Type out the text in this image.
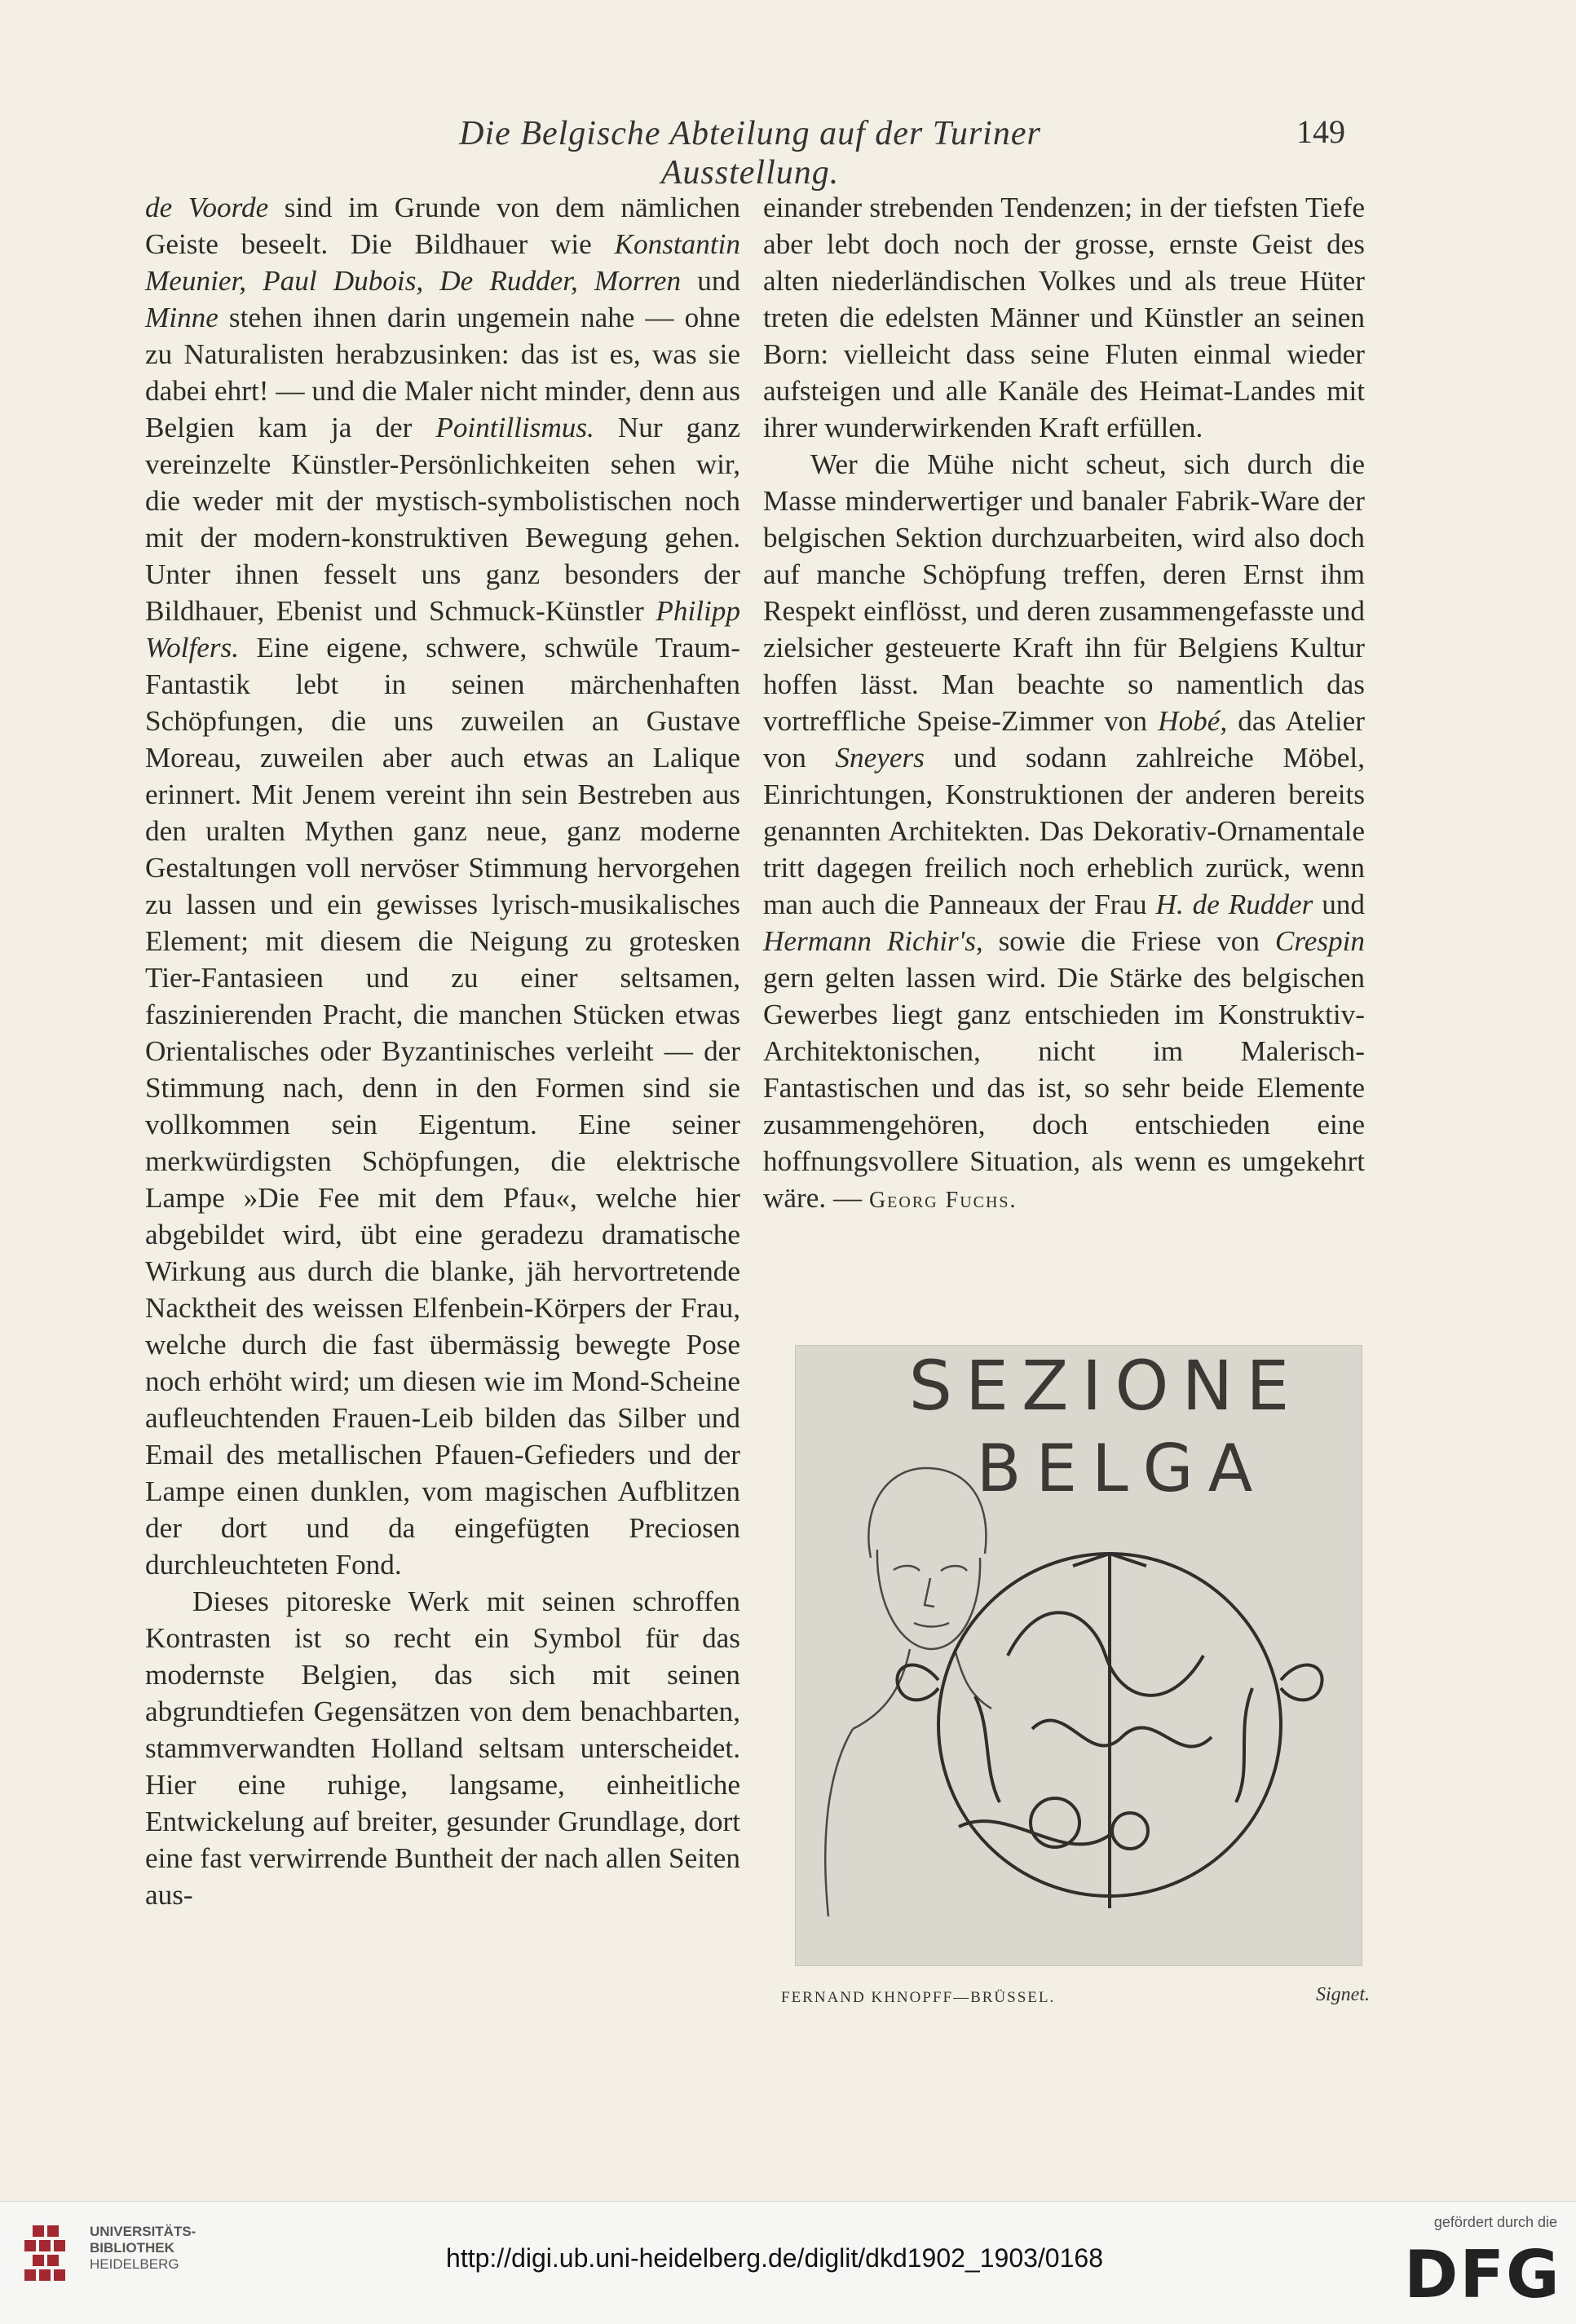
Die Belgische Abteilung auf der Turiner Ausstellung.
149

de Voorde sind im Grunde von dem nämlichen Geiste beseelt. Die Bildhauer wie Konstantin Meunier, Paul Dubois, De Rudder, Morren und Minne stehen ihnen darin ungemein nahe — ohne zu Naturalisten herabzusinken: das ist es, was sie dabei ehrt! — und die Maler nicht minder, denn aus Belgien kam ja der Pointillismus. Nur ganz vereinzelte Künstler-Persönlichkeiten sehen wir, die weder mit der mystisch-symbolistischen noch mit der modern-konstruktiven Bewegung gehen. Unter ihnen fesselt uns ganz besonders der Bildhauer, Ebenist und Schmuck-Künstler Philipp Wolfers. Eine eigene, schwere, schwüle Traum-Fantastik lebt in seinen märchenhaften Schöpfungen, die uns zuweilen an Gustave Moreau, zuweilen aber auch etwas an Lalique erinnert. Mit Jenem vereint ihn sein Bestreben aus den uralten Mythen ganz neue, ganz moderne Gestaltungen voll nervöser Stimmung hervorgehen zu lassen und ein gewisses lyrisch-musikalisches Element; mit diesem die Neigung zu grotesken Tier-Fantasieen und zu einer seltsamen, faszinierenden Pracht, die manchen Stücken etwas Orientalisches oder Byzantinisches verleiht — der Stimmung nach, denn in den Formen sind sie vollkommen sein Eigentum. Eine seiner merkwürdigsten Schöpfungen, die elektrische Lampe »Die Fee mit dem Pfau«, welche hier abgebildet wird, übt eine geradezu dramatische Wirkung aus durch die blanke, jäh hervortretende Nacktheit des weissen Elfenbein-Körpers der Frau, welche durch die fast übermässig bewegte Pose noch erhöht wird; um diesen wie im Mond-Scheine aufleuchtenden Frauen-Leib bilden das Silber und Email des metallischen Pfauen-Gefieders und der Lampe einen dunklen, vom magischen Aufblitzen der dort und da eingefügten Preciosen durchleuchteten Fond.

Dieses pitoreske Werk mit seinen schroffen Kontrasten ist so recht ein Symbol für das modernste Belgien, das sich mit seinen abgrundtiefen Gegensätzen von dem benachbarten, stammverwandten Holland seltsam unterscheidet. Hier eine ruhige, langsame, einheitliche Entwickelung auf breiter, gesunder Grundlage, dort eine fast verwirrende Buntheit der nach allen Seiten aus-

einander strebenden Tendenzen; in der tiefsten Tiefe aber lebt doch noch der grosse, ernste Geist des alten niederländischen Volkes und als treue Hüter treten die edelsten Männer und Künstler an seinen Born: vielleicht dass seine Fluten einmal wieder aufsteigen und alle Kanäle des Heimat-Landes mit ihrer wunderwirkenden Kraft erfüllen.

Wer die Mühe nicht scheut, sich durch die Masse minderwertiger und banaler Fabrik-Ware der belgischen Sektion durchzuarbeiten, wird also doch auf manche Schöpfung treffen, deren Ernst ihm Respekt einflösst, und deren zusammengefasste und zielsicher gesteuerte Kraft ihn für Belgiens Kultur hoffen lässt. Man beachte so namentlich das vortreffliche Speise-Zimmer von Hobé, das Atelier von Sneyers und sodann zahlreiche Möbel, Einrichtungen, Konstruktionen der anderen bereits genannten Architekten. Das Dekorativ-Ornamentale tritt dagegen freilich noch erheblich zurück, wenn man auch die Panneaux der Frau H. de Rudder und Hermann Richir's, sowie die Friese von Crespin gern gelten lassen wird. Die Stärke des belgischen Gewerbes liegt ganz entschieden im Konstruktiv-Architektonischen, nicht im Malerisch-Fantastischen und das ist, so sehr beide Elemente zusammengehören, doch entschieden eine hoffnungsvollere Situation, als wenn es umgekehrt wäre. — Georg Fuchs.

SEZIONE
BELGA
FERNAND KHNOPFF—BRÜSSEL.	Signet.
UNIVERSITÄTS-
BIBLIOTHEK
HEIDELBERG	http://digi.ub.uni-heidelberg.de/diglit/dkd1902_1903/0168
gefördert durch die
DFG
